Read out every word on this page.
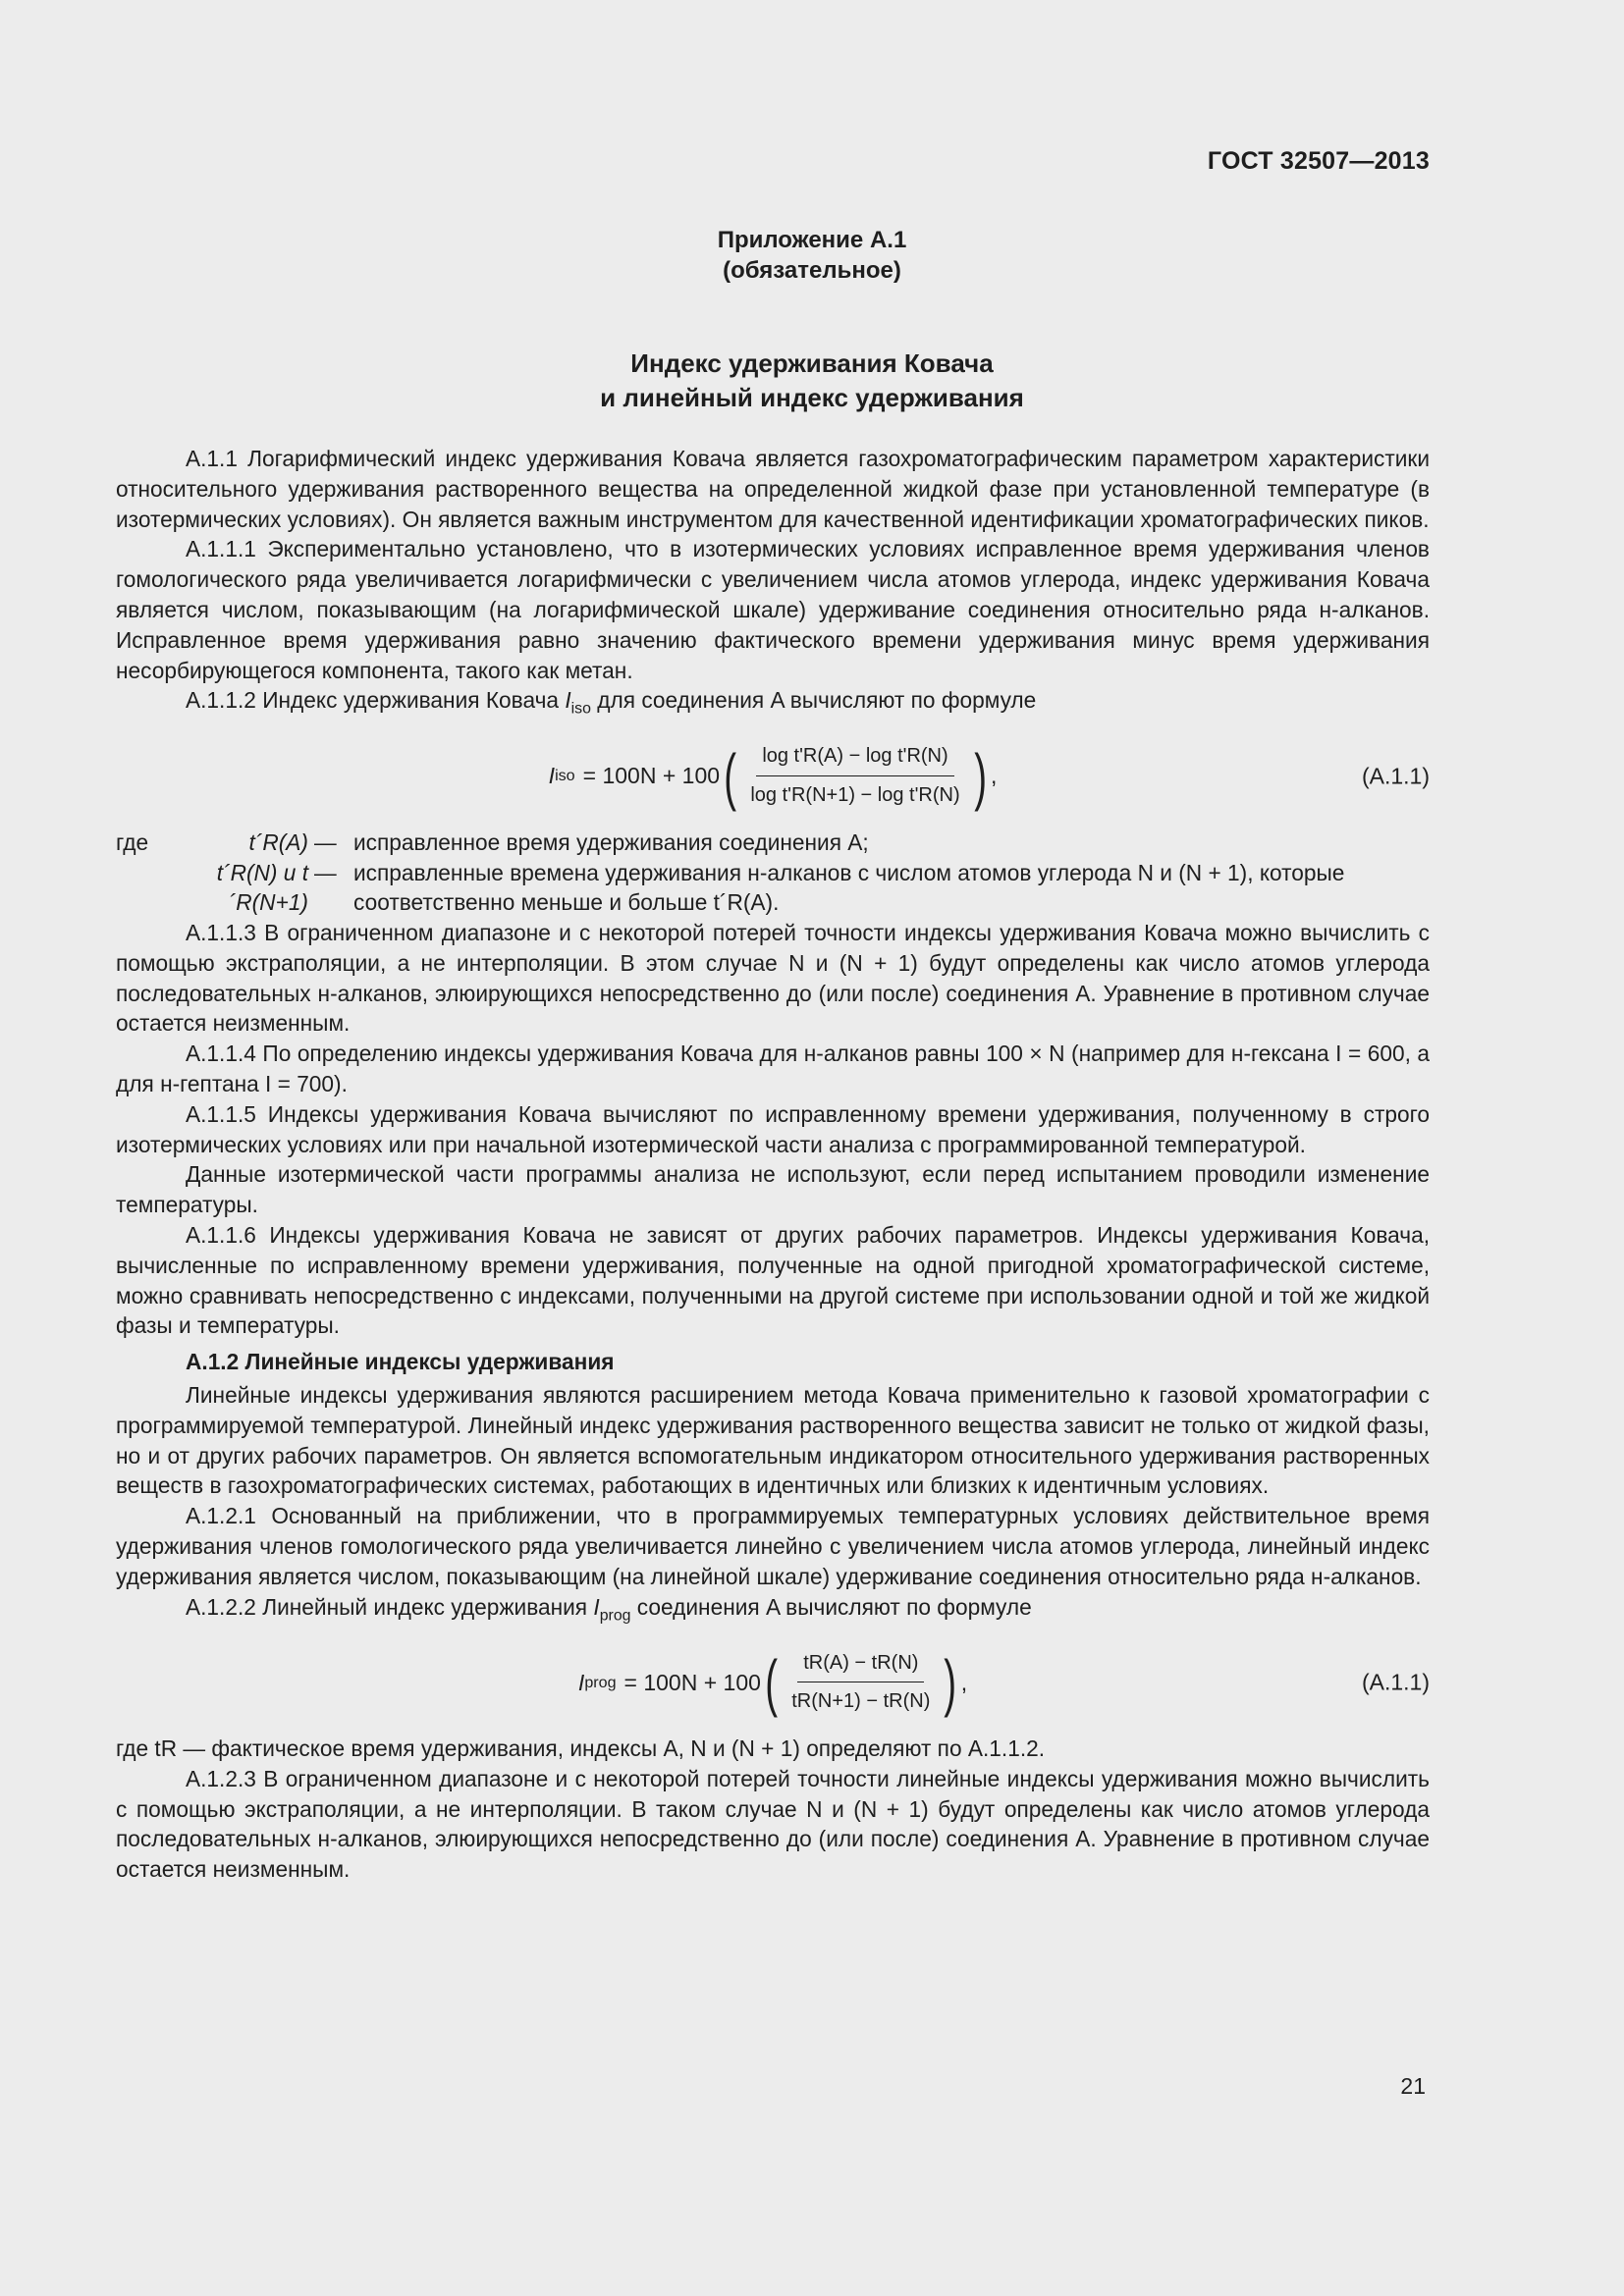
ГОСТ 32507—2013
Приложение А.1
(обязательное)
Индекс удерживания Ковача
и линейный индекс удерживания

А.1.1 Логарифмический индекс удерживания Ковача является газохроматографическим параметром характеристики относительного удерживания растворенного вещества на определенной жидкой фазе при установленной температуре (в изотермических условиях). Он является важным инструментом для качественной идентификации хроматографических пиков.

А.1.1.1 Экспериментально установлено, что в изотермических условиях исправленное время удерживания членов гомологического ряда увеличивается логарифмически с увеличением числа атомов углерода, индекс удерживания Ковача является числом, показывающим (на логарифмической шкале) удерживание соединения относительно ряда н-алканов. Исправленное время удерживания равно значению фактического времени удерживания минус время удерживания несорбирующегося компонента, такого как метан.

А.1.1.2 Индекс удерживания Ковача $I_{iso}$ для соединения A вычисляют по формуле

I iso = 100N + 100 ( $\frac{\text{log t'R(A) − log t'R(N)}}{\text{log t'R(N+1) − log t'R(N)}}$ ) ,	(А.1.1)
где	t´R(A) — исправленное время удерживания соединения A;
t´R(N) и t´R(N+1)
— исправленные времена удерживания н-алканов с числом атомов углерода N и (N + 1), которые соответственно меньше и больше t´R(A).

А.1.1.3 В ограниченном диапазоне и с некоторой потерей точности индексы удерживания Ковача можно вычислить с помощью экстраполяции, а не интерполяции. В этом случае N и (N + 1) будут определены как число атомов углерода последовательных н-алканов, элюирующихся непосредственно до (или после) соединения A. Уравнение в противном случае остается неизменным.

А.1.1.4 По определению индексы удерживания Ковача для н-алканов равны 100 × N (например для н-гексана I = 600, а для н-гептана I = 700).

А.1.1.5 Индексы удерживания Ковача вычисляют по исправленному времени удерживания, полученному в строго изотермических условиях или при начальной изотермической части анализа с программированной температурой.

Данные изотермической части программы анализа не используют, если перед испытанием проводили изменение температуры.

А.1.1.6 Индексы удерживания Ковача не зависят от других рабочих параметров. Индексы удерживания Ковача, вычисленные по исправленному времени удерживания, полученные на одной пригодной хроматографической системе, можно сравнивать непосредственно с индексами, полученными на другой системе при использовании одной и той же жидкой фазы и температуры.

А.1.2 Линейные индексы удерживания

Линейные индексы удерживания являются расширением метода Ковача применительно к газовой хроматографии с программируемой температурой. Линейный индекс удерживания растворенного вещества зависит не только от жидкой фазы, но и от других рабочих параметров. Он является вспомогательным индикатором относительного удерживания растворенных веществ в газохроматографических системах, работающих в идентичных или близких к идентичным условиях.

А.1.2.1 Основанный на приближении, что в программируемых температурных условиях действительное время удерживания членов гомологического ряда увеличивается линейно с увеличением числа атомов углерода, линейный индекс удерживания является числом, показывающим (на линейной шкале) удерживание соединения относительно ряда н-алканов.

А.1.2.2 Линейный индекс удерживания $I_{prog}$ соединения A вычисляют по формуле

I prog = 100N + 100 ( $\frac{tR(A) - tR(N)}{tR(N+1) - tR(N)}$ ) ,	(А.1.1)

где tR — фактическое время удерживания, индексы A, N и (N + 1) определяют по А.1.1.2.

А.1.2.3 В ограниченном диапазоне и с некоторой потерей точности линейные индексы удерживания можно вычислить с помощью экстраполяции, а не интерполяции. В таком случае N и (N + 1) будут определены как число атомов углерода последовательных н-алканов, элюирующихся непосредственно до (или после) соединения A. Уравнение в противном случае остается неизменным.

21
